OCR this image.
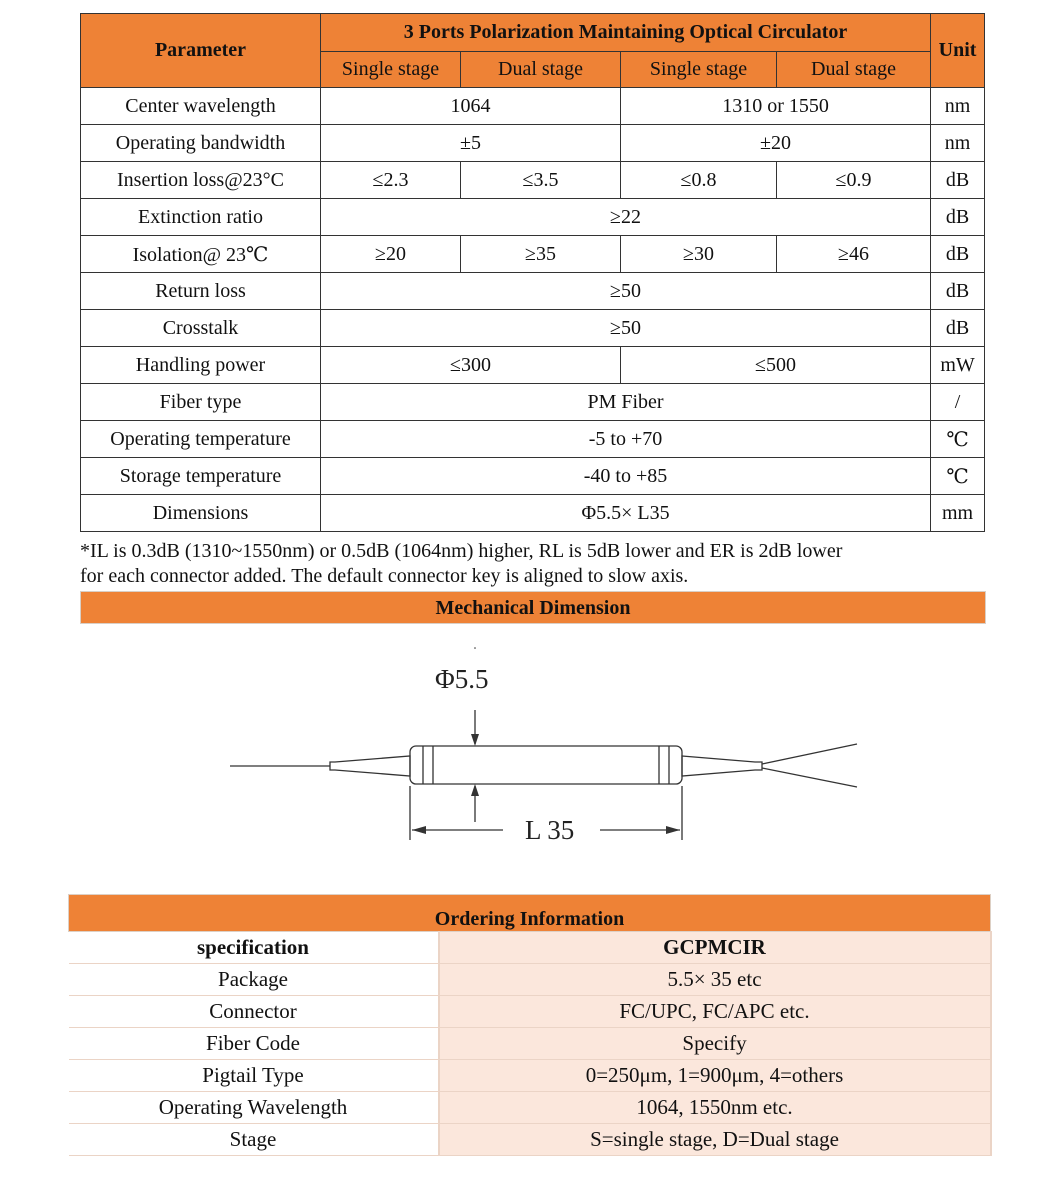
Parameter	3 Ports Polarization Maintaining Optical Circulator				Unit
	Single stage	Dual stage	Single stage	Dual stage	
Center wavelength	1064		1310 or 1550		nm
Operating bandwidth	±5		±20		nm
Insertion loss@23°C	≤2.3	≤3.5	≤0.8	≤0.9	dB
Extinction ratio	≥22				dB
Isolation@ 23℃	≥20	≥35	≥30	≥46	dB
Return loss	≥50				dB
Crosstalk	≥50				dB
Handling power	≤300		≤500		mW
Fiber type	PM Fiber				/
Operating temperature	-5 to +70				℃
Storage temperature	-40 to +85				℃
Dimensions	Φ5.5× L35				mm
*IL is 0.3dB (1310~1550nm) or 0.5dB (1064nm) higher, RL is 5dB lower and ER is 2dB lower
for each connector added. The default connector key is aligned to slow axis.
Mechanical Dimension
Φ5.5
L 35
Ordering Information	
specification	GCPMCIR
Package	5.5× 35 etc
Connector	FC/UPC, FC/APC etc.
Fiber Code	Specify
Pigtail Type	0=250μm, 1=900μm, 4=others
Operating Wavelength	1064, 1550nm etc.
Stage	S=single stage, D=Dual stage
